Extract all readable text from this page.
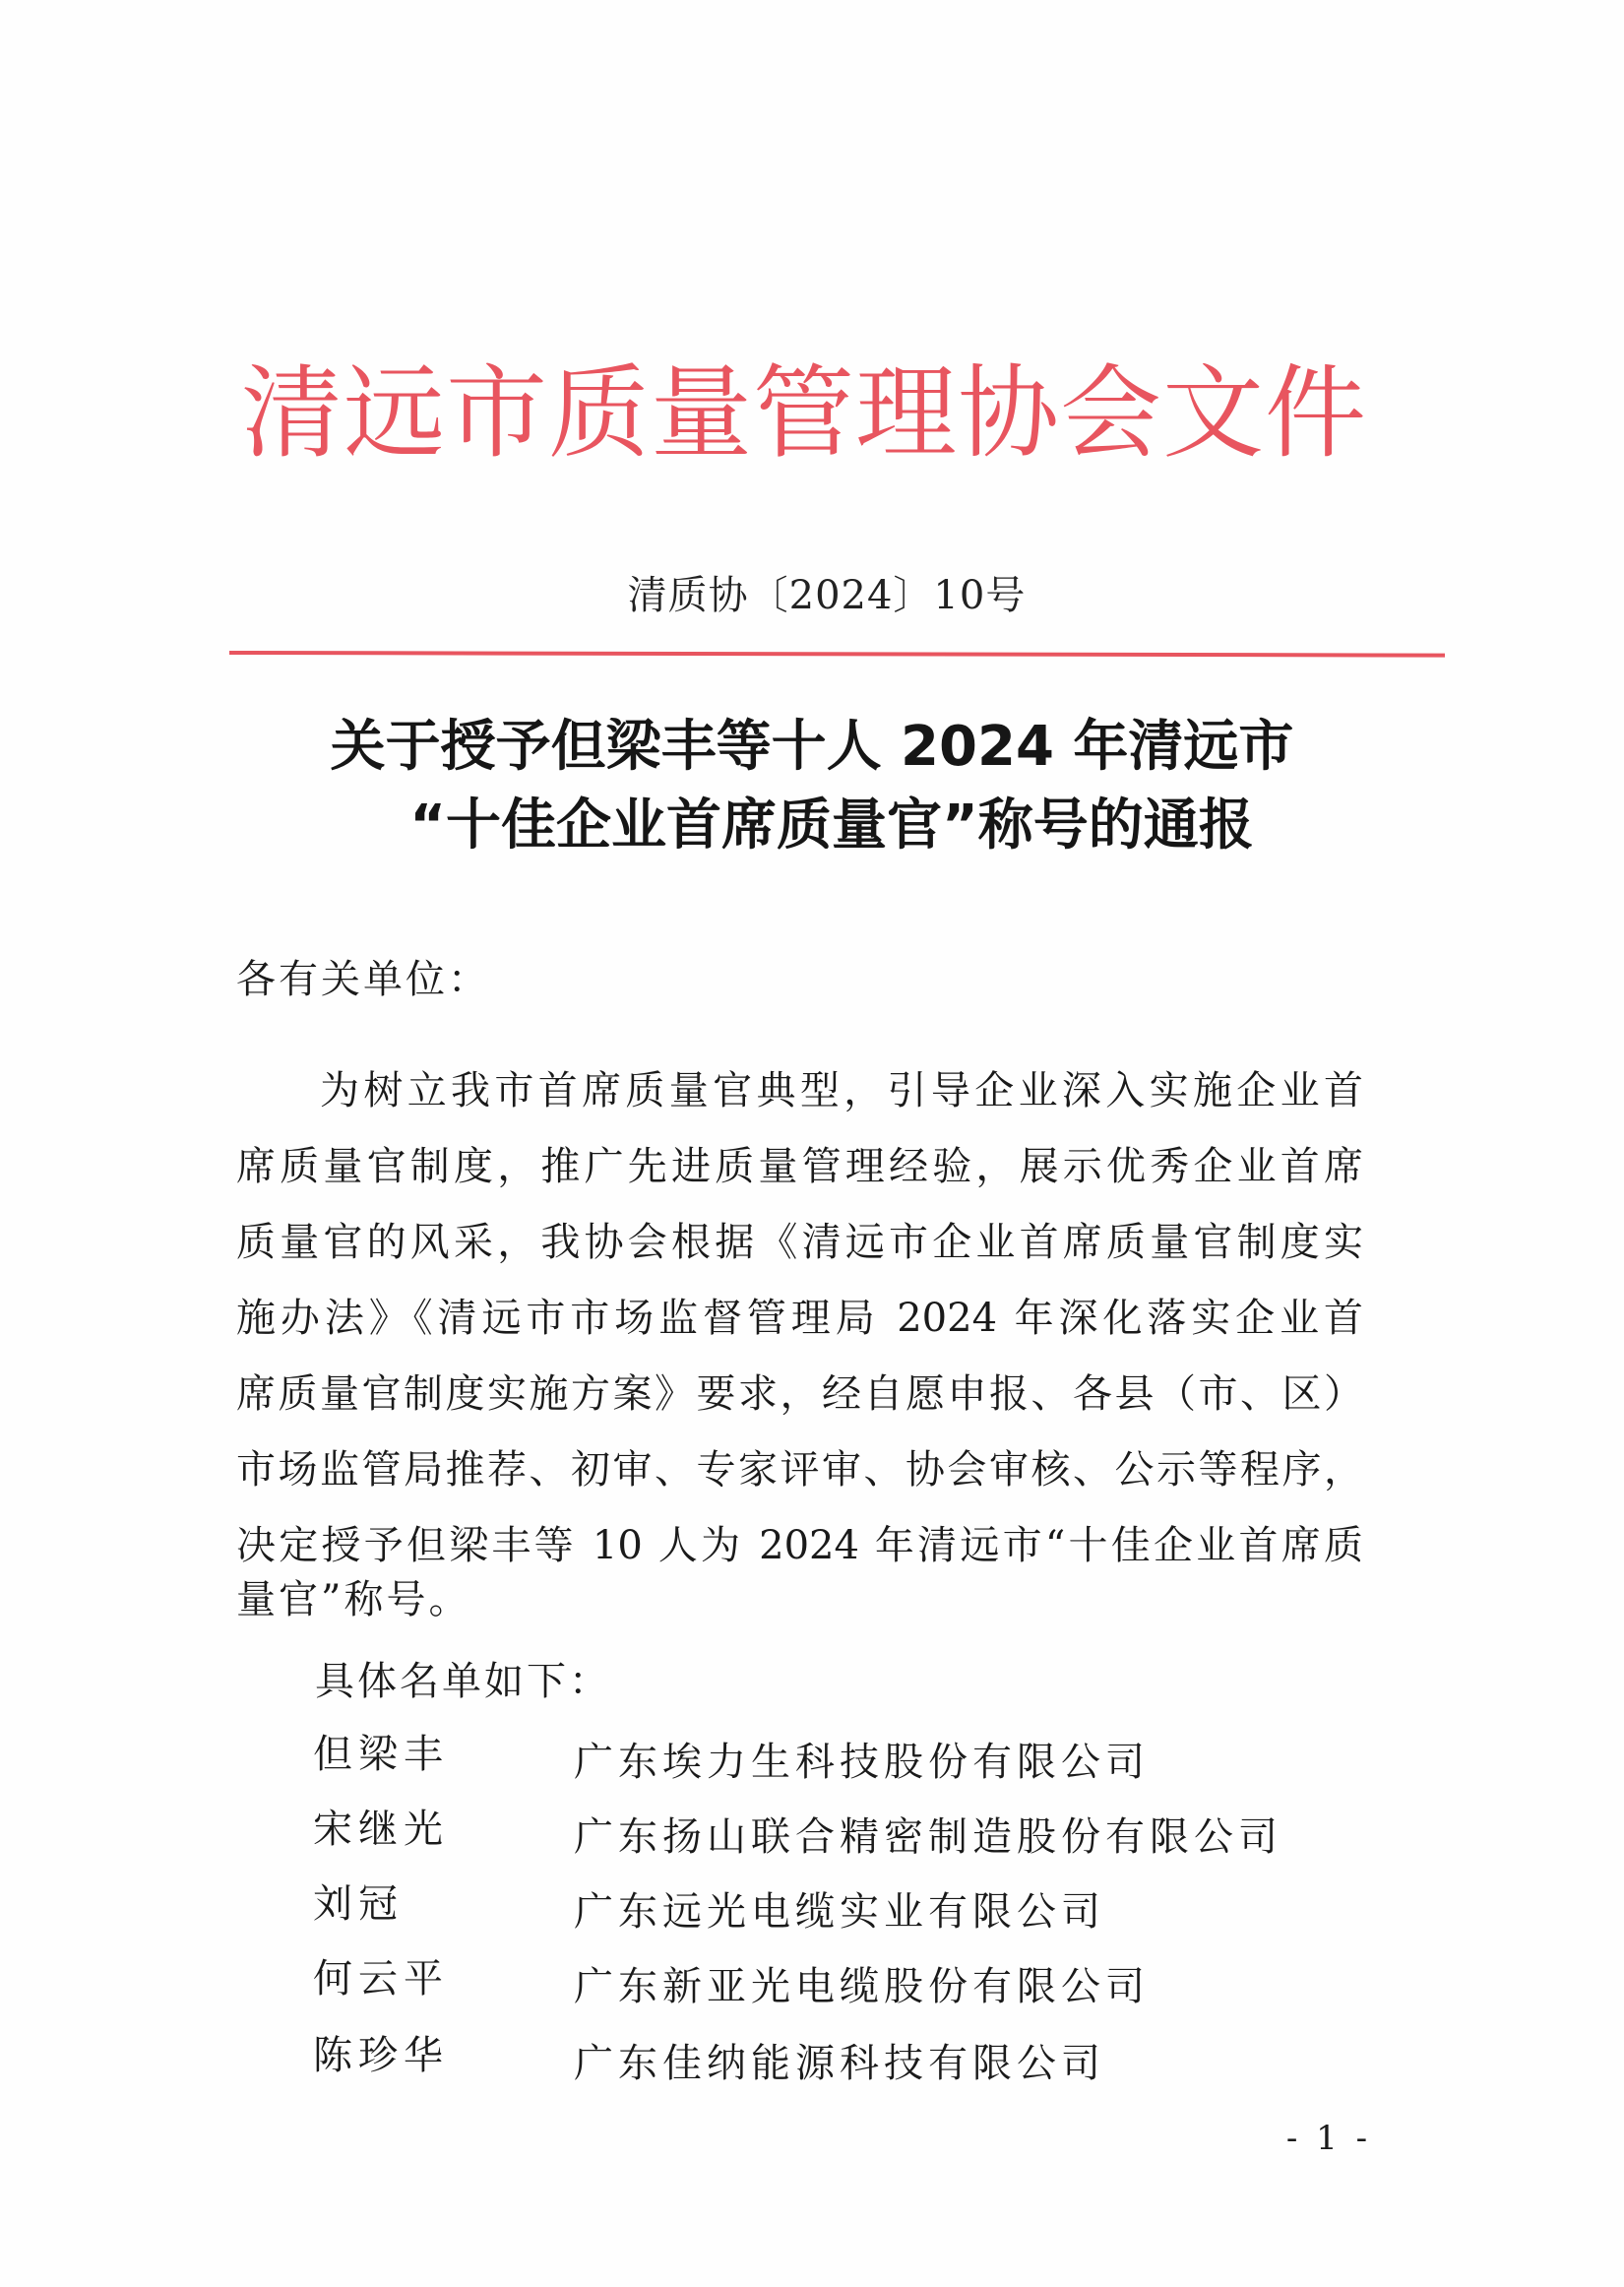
清远市质量管理协会文件
清质协〔2024〕10号
关于授予但梁丰等十人 2024 年清远市
“十佳企业首席质量官”称号的通报
各有关单位：
为树立我市首席质量官典型，引导企业深入实施企业首
席质量官制度，推广先进质量管理经验，展示优秀企业首席
质量官的风采，我协会根据《清远市企业首席质量官制度实
施办法》《清远市市场监督管理局 2024 年深化落实企业首
席质量官制度实施方案》要求，经自愿申报、各县（市、区）
市场监管局推荐、初审、专家评审、协会审核、公示等程序，
决定授予但梁丰等 10 人为 2024 年清远市“十佳企业首席质
量官”称号。
具体名单如下：
但梁丰	广东埃力生科技股份有限公司
宋继光	广东扬山联合精密制造股份有限公司
刘冠	广东远光电缆实业有限公司
何云平	广东新亚光电缆股份有限公司
陈珍华	广东佳纳能源科技有限公司
- 1 -
